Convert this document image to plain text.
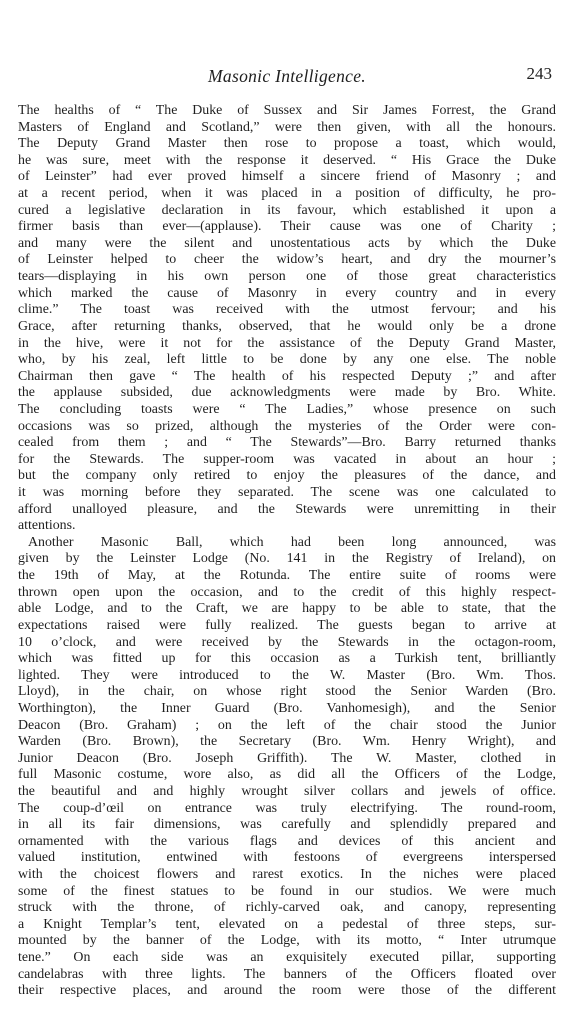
Masonic Intelligence.	243
The healths of “ The Duke of Sussex and Sir James Forrest, the Grand
Masters of England and Scotland,” were then given, with all the honours.
The Deputy Grand Master then rose to propose a toast, which would,
he was sure, meet with the response it deserved. “ His Grace the Duke
of Leinster” had ever proved himself a sincere friend of Masonry ; and
at a recent period, when it was placed in a position of difficulty, he pro-
cured a legislative declaration in its favour, which established it upon a
firmer basis than ever—(applause). Their cause was one of Charity ;
and many were the silent and unostentatious acts by which the Duke
of Leinster helped to cheer the widow’s heart, and dry the mourner’s
tears—displaying in his own person one of those great characteristics
which marked the cause of Masonry in every country and in every
clime.” The toast was received with the utmost fervour; and his
Grace, after returning thanks, observed, that he would only be a drone
in the hive, were it not for the assistance of the Deputy Grand Master,
who, by his zeal, left little to be done by any one else. The noble
Chairman then gave “ The health of his respected Deputy ;” and after
the applause subsided, due acknowledgments were made by Bro. White.
The concluding toasts were “ The Ladies,” whose presence on such
occasions was so prized, although the mysteries of the Order were con-
cealed from them ; and “ The Stewards”—Bro. Barry returned thanks
for the Stewards. The supper-room was vacated in about an hour ;
but the company only retired to enjoy the pleasures of the dance, and
it was morning before they separated. The scene was one calculated to
afford unalloyed pleasure, and the Stewards were unremitting in their
attentions.
Another Masonic Ball, which had been long announced, was
given by the Leinster Lodge (No. 141 in the Registry of Ireland), on
the 19th of May, at the Rotunda. The entire suite of rooms were
thrown open upon the occasion, and to the credit of this highly respect-
able Lodge, and to the Craft, we are happy to be able to state, that the
expectations raised were fully realized. The guests began to arrive at
10 o’clock, and were received by the Stewards in the octagon-room,
which was fitted up for this occasion as a Turkish tent, brilliantly
lighted. They were introduced to the W. Master (Bro. Wm. Thos.
Lloyd), in the chair, on whose right stood the Senior Warden (Bro.
Worthington), the Inner Guard (Bro. Vanhomesigh), and the Senior
Deacon (Bro. Graham) ; on the left of the chair stood the Junior
Warden (Bro. Brown), the Secretary (Bro. Wm. Henry Wright), and
Junior Deacon (Bro. Joseph Griffith). The W. Master, clothed in
full Masonic costume, wore also, as did all the Officers of the Lodge,
the beautiful and and highly wrought silver collars and jewels of office.
The coup-d’œil on entrance was truly electrifying. The round-room,
in all its fair dimensions, was carefully and splendidly prepared and
ornamented with the various flags and devices of this ancient and
valued institution, entwined with festoons of evergreens interspersed
with the choicest flowers and rarest exotics. In the niches were placed
some of the finest statues to be found in our studios. We were much
struck with the throne, of richly-carved oak, and canopy, representing
a Knight Templar’s tent, elevated on a pedestal of three steps, sur-
mounted by the banner of the Lodge, with its motto, “ Inter utrumque
tene.” On each side was an exquisitely executed pillar, supporting
candelabras with three lights. The banners of the Officers floated over
their respective places, and around the room were those of the different
